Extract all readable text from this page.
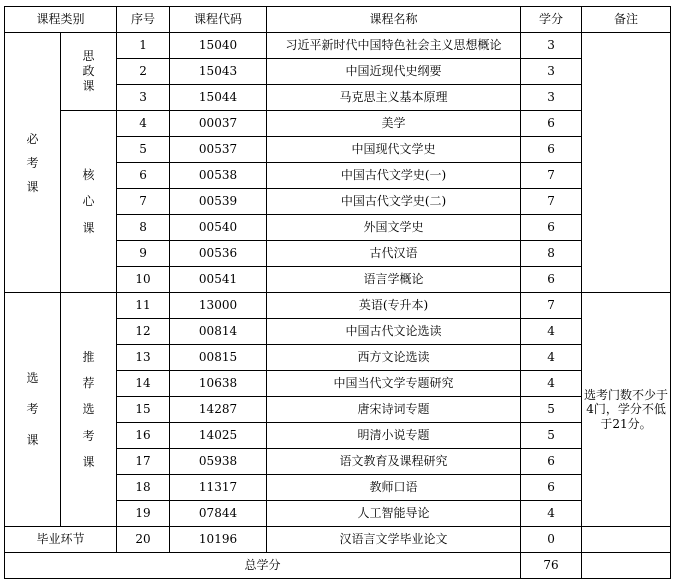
课程类别		序号	课程代码	课程名称	学分	备注
必考课	思政课	1	15040	习近平新时代中国特色社会主义思想概论	3	
		2	15043	中国近现代史纲要	3	
		3	15044	马克思主义基本原理	3	
	核心课	4	00037	美学	6	
		5	00537	中国现代文学史	6	
		6	00538	中国古代文学史(一)	7	
		7	00539	中国古代文学史(二)	7	
		8	00540	外国文学史	6	
		9	00536	古代汉语	8	
		10	00541	语言学概论	6	
选考课	推荐选考课	11	13000	英语(专升本)	7	选考门数不少于4门，学分不低于21分。
		12	00814	中国古代文论选读	4	
		13	00815	西方文论选读	4	
		14	10638	中国当代文学专题研究	4	
		15	14287	唐宋诗词专题	5	
		16	14025	明清小说专题	5	
		17	05938	语文教育及课程研究	6	
		18	11317	教师口语	6	
		19	07844	人工智能导论	4	
毕业环节		20	10196	汉语言文学毕业论文	0	
总学分					76	
